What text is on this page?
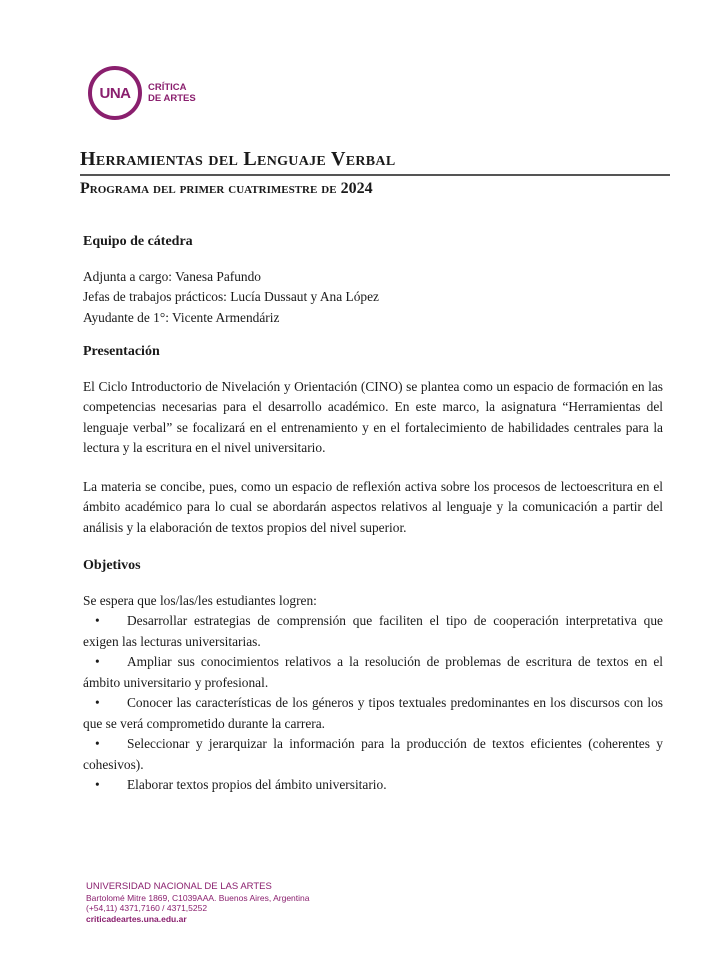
UNA	CRÍTICA
DE ARTES
Herramientas del Lenguaje Verbal
Programa del primer cuatrimestre de 2024
Equipo de cátedra
Adjunta a cargo: Vanesa Pafundo
Jefas de trabajos prácticos: Lucía Dussaut y Ana López
Ayudante de 1°: Vicente Armendáriz
Presentación

El Ciclo Introductorio de Nivelación y Orientación (CINO) se plantea como un espacio de formación en las competencias necesarias para el desarrollo académico. En este marco, la asignatura “Herramientas del lenguaje verbal” se focalizará en el entrenamiento y en el fortalecimiento de habilidades centrales para la lectura y la escritura en el nivel universitario.

La materia se concibe, pues, como un espacio de reflexión activa sobre los procesos de lectoescritura en el ámbito académico para lo cual se abordarán aspectos relativos al lenguaje y la comunicación a partir del análisis y la elaboración de textos propios del nivel superior.

Objetivos
Se espera que los/las/les estudiantes logren:
• Desarrollar estrategias de comprensión que faciliten el tipo de cooperación interpretativa que exigen las lecturas universitarias.
• Ampliar sus conocimientos relativos a la resolución de problemas de escritura de textos en el ámbito universitario y profesional.
• Conocer las características de los géneros y tipos textuales predominantes en los discursos con los que se verá comprometido durante la carrera.
• Seleccionar y jerarquizar la información para la producción de textos eficientes (coherentes y cohesivos).
• Elaborar textos propios del ámbito universitario.
UNIVERSIDAD NACIONAL DE LAS ARTES
Bartolomé Mitre 1869, C1039AAA. Buenos Aires, Argentina
(+54,11) 4371,7160 / 4371,5252
criticadeartes.una.edu.ar
